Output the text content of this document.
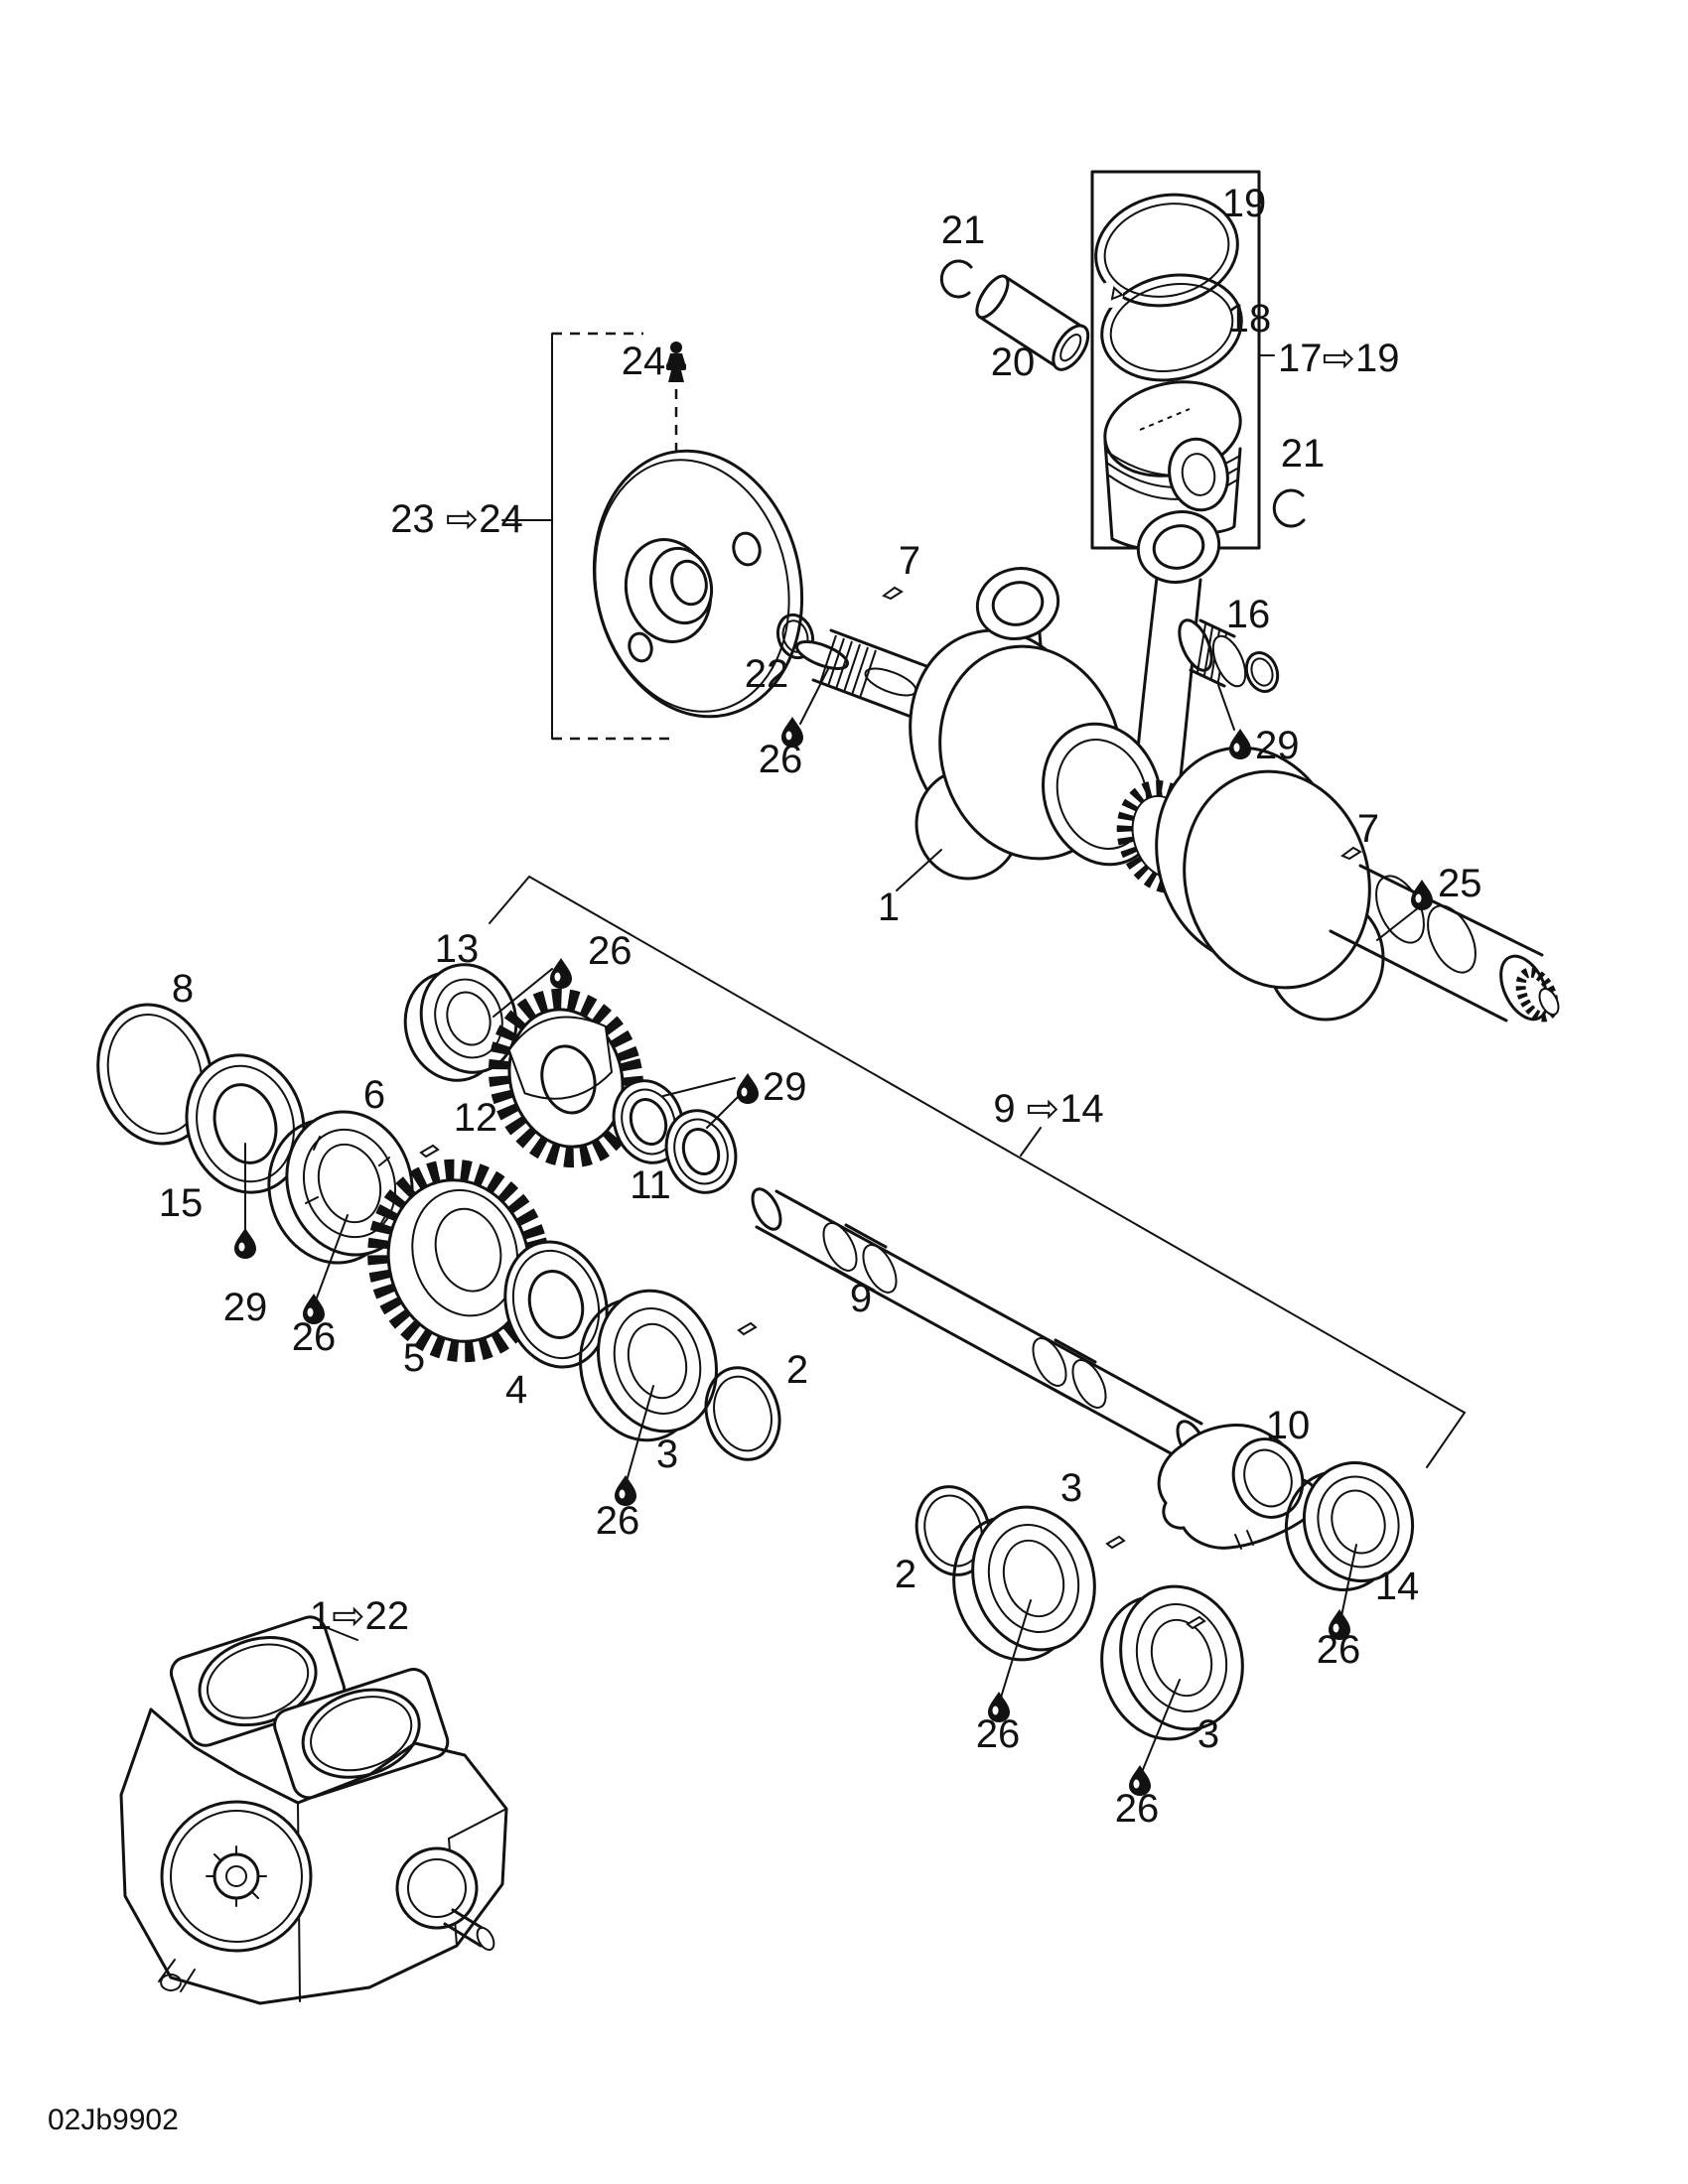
19
18
17⇨19
21
20
21
24
23 ⇨24
22
26
7
16
29
1
7
25
8
15
29
6
26
13	26
12
5
4
3
26
2
11
29
9
9 ⇨14
10
2
3
26	3
26
14
26
1⇨22
02Jb9902
